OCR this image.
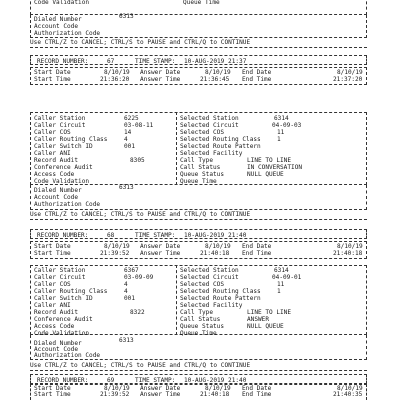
Code Validation	Queue Time
Dialed Number	6313
Account Code
Authorization Code
Use CTRL/Z to CANCEL; CTRL/S to PAUSE and CTRL/Q to CONTINUE
RECORD NUMBER:	67	TIME STAMP: 10-AUG-2019 21:37
Start Date	8/10/19 Answer Date	8/10/19 End Date	8/10/19
Start Time	21:36:20 Answer Time	21:36:45 End Time	21:37:20
Caller Station	6225
Caller Circuit	03-08-11
Caller COS	14
Caller Routing Class	4
Caller Switch ID	001
Caller ANI
Record Audit	8305
Conference Audit
Access Code
Code Validation
Selected Station	6314
Selected Circuit	04-09-03
Selected COS	11
Selected Routing Class	1
Selected Route Pattern
Selected Facility
Call Type	LINE TO LINE
Call Status	IN CONVERSATION
Queue Status	NULL QUEUE
Queue Time
Dialed Number	6313
Account Code
Authorization Code
Use CTRL/Z to CANCEL; CTRL/S to PAUSE and CTRL/Q to CONTINUE
RECORD NUMBER:	68	TIME STAMP: 10-AUG-2019 21:40
Start Date	8/10/19 Answer Date	8/10/19 End Date	8/10/19
Start Time	21:39:52 Answer Time	21:40:18 End Time	21:40:18
Caller Station	6367
Caller Circuit	03-09-09
Caller COS	4
Caller Routing Class	4
Caller Switch ID	001
Caller ANI
Record Audit	8322
Conference Audit
Access Code
Code Validation
Selected Station	6314
Selected Circuit	04-09-01
Selected COS	11
Selected Routing Class	1
Selected Route Pattern
Selected Facility
Call Type	LINE TO LINE
Call Status	ANSWER
Queue Status	NULL QUEUE
Queue Time
Dialed Number	6313
Account Code
Authorization Code
Use CTRL/Z to CANCEL; CTRL/S to PAUSE and CTRL/Q to CONTINUE
RECORD NUMBER:	69	TIME STAMP: 10-AUG-2019 21:40
Start Date	8/10/19 Answer Date	8/10/19 End Date	8/10/19
Start Time	21:39:52 Answer Time	21:40:18 End Time	21:40:35
